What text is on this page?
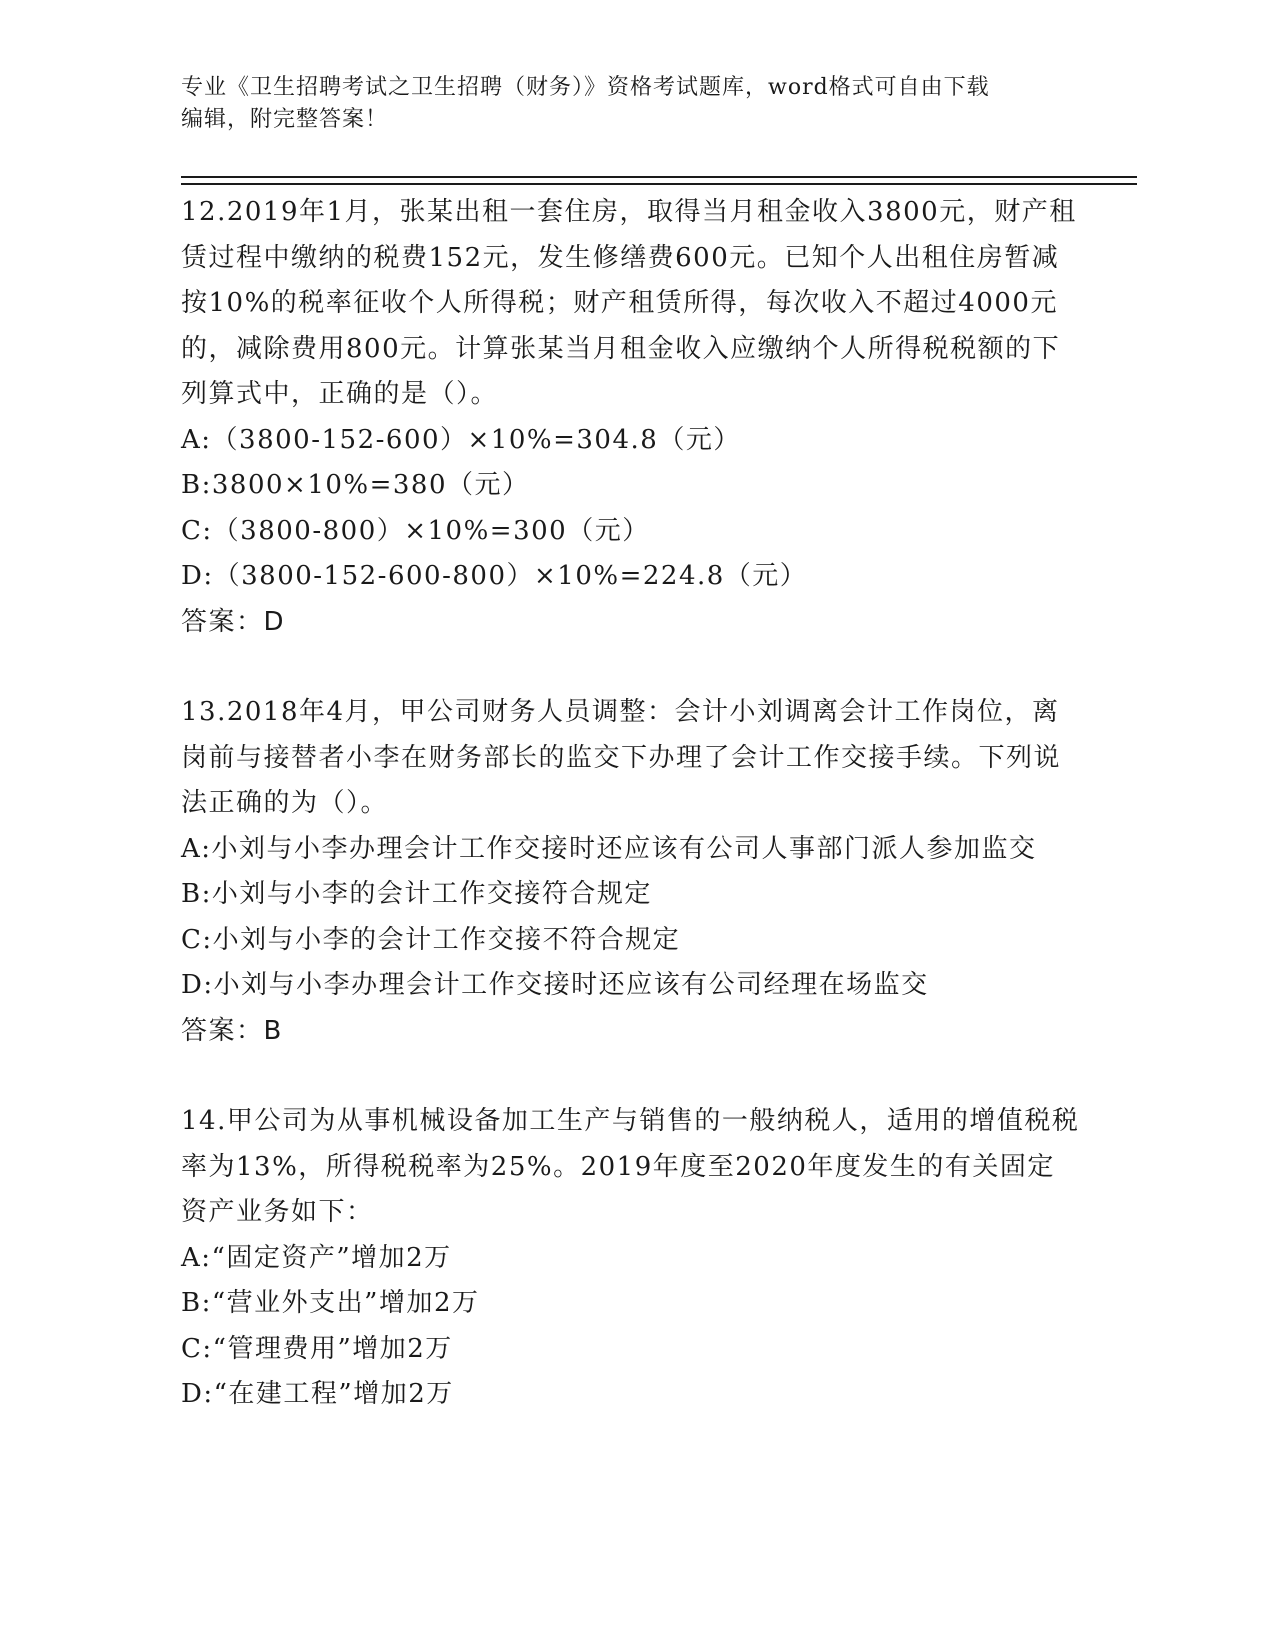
专业《卫生招聘考试之卫生招聘（财务）》资格考试题库，word格式可自由下载
编辑，附完整答案！

12.2019年1月，张某出租一套住房，取得当月租金收入3800元，财产租赁过程中缴纳的税费152元，发生修缮费600元。已知个人出租住房暂减按10%的税率征收个人所得税；财产租赁所得，每次收入不超过4000元的，减除费用800元。计算张某当月租金收入应缴纳个人所得税税额的下列算式中，正确的是（）。

A:（3800-152-600）×10%=304.8（元）

B:3800×10%=380（元）

C:（3800-800）×10%=300（元）

D:（3800-152-600-800）×10%=224.8（元）

答案：D

13.2018年4月，甲公司财务人员调整：会计小刘调离会计工作岗位，离岗前与接替者小李在财务部长的监交下办理了会计工作交接手续。下列说法正确的为（）。

A:小刘与小李办理会计工作交接时还应该有公司人事部门派人参加监交

B:小刘与小李的会计工作交接符合规定

C:小刘与小李的会计工作交接不符合规定

D:小刘与小李办理会计工作交接时还应该有公司经理在场监交

答案：B

14.甲公司为从事机械设备加工生产与销售的一般纳税人，适用的增值税税率为13%，所得税税率为25%。2019年度至2020年度发生的有关固定资产业务如下：

A:“固定资产”增加2万

B:“营业外支出”增加2万

C:“管理费用”增加2万

D:“在建工程”增加2万
